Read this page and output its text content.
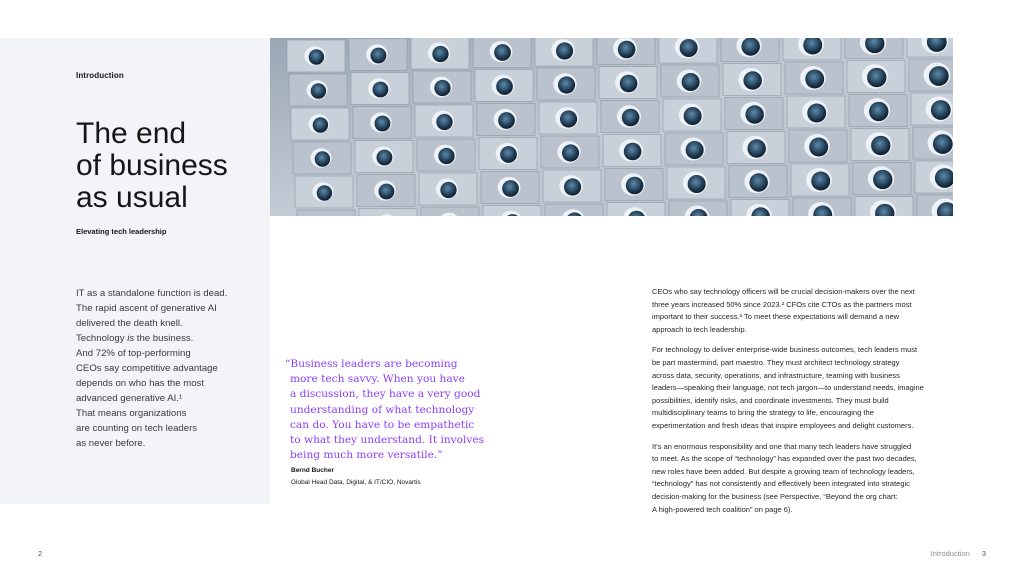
Introduction
The end
of business
as usual
Elevating tech leadership
IT as a standalone function is dead.
The rapid ascent of generative AI
delivered the death knell.
Technology is the business.
And 72% of top-performing
CEOs say competitive advantage
depends on who has the most
advanced generative AI.¹
That means organizations
are counting on tech leaders
as never before.
“Business leaders are becoming
more tech savvy. When you have
a discussion, they have a very good
understanding of what technology
can do. You have to be empathetic
to what they understand. It involves
being much more versatile.”
Bernd Bucher
Global Head Data, Digital, & IT/CIO, Novartis

CEOs who say technology officers will be crucial decision-makers over the next
three years increased 50% since 2023.² CFOs cite CTOs as the partners most
important to their success.³ To meet these expectations will demand a new
approach to tech leadership.

For technology to deliver enterprise-wide business outcomes, tech leaders must
be part mastermind, part maestro. They must architect technology strategy
across data, security, operations, and infrastructure, teaming with business
leaders—speaking their language, not tech jargon—to understand needs, imagine
possibilities, identify risks, and coordinate investments. They must build
multidisciplinary teams to bring the strategy to life, encouraging the
experimentation and fresh ideas that inspire employees and delight customers.

It’s an enormous responsibility and one that many tech leaders have struggled
to meet. As the scope of “technology” has expanded over the past two decades,
new roles have been added. But despite a growing team of technology leaders,
“technology” has not consistently and effectively been integrated into strategic
decision-making for the business (see Perspective, “Beyond the org chart:
A high-powered tech coalition” on page 6).

2	Introduction 3
